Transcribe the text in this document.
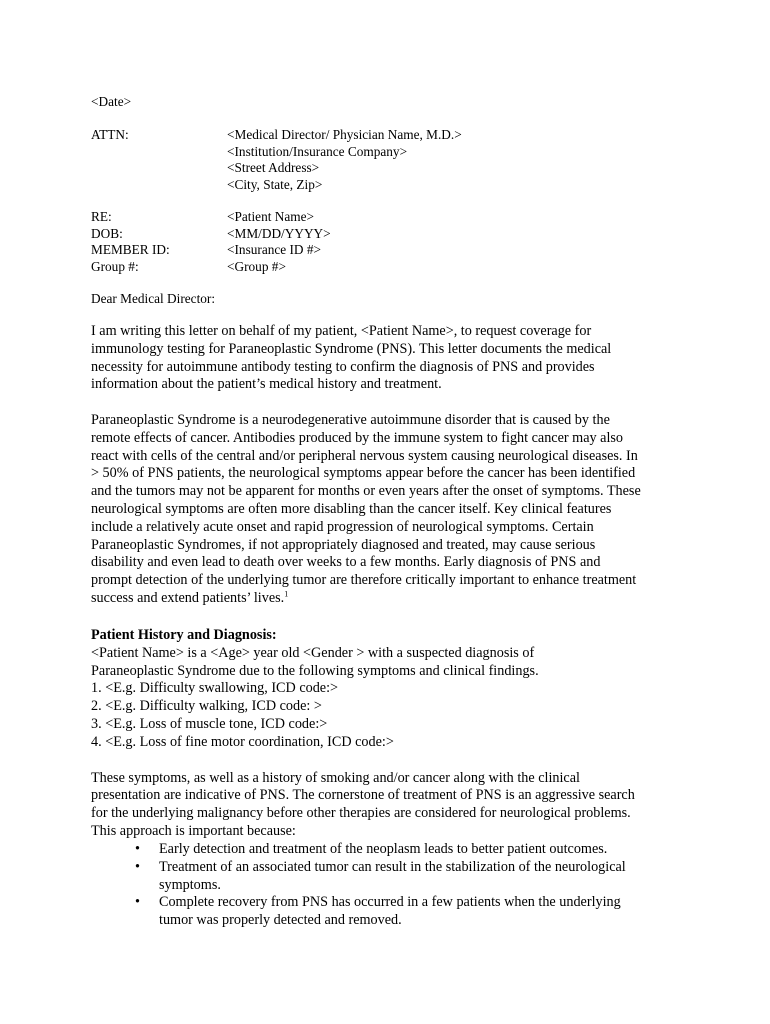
<Date>
ATTN:	<Medical Director/ Physician Name, M.D.>
<Institution/Insurance Company>
<Street Address>
<City, State, Zip>
RE:	<Patient Name>
DOB:	<MM/DD/YYYY>
MEMBER ID:	<Insurance ID #>
Group #:	<Group #>
Dear Medical Director:

I am writing this letter on behalf of my patient, <Patient Name>, to request coverage for
immunology testing for Paraneoplastic Syndrome (PNS). This letter documents the medical
necessity for autoimmune antibody testing to confirm the diagnosis of PNS and provides
information about the patient’s medical history and treatment.

Paraneoplastic Syndrome is a neurodegenerative autoimmune disorder that is caused by the
remote effects of cancer. Antibodies produced by the immune system to fight cancer may also
react with cells of the central and/or peripheral nervous system causing neurological diseases. In
> 50% of PNS patients, the neurological symptoms appear before the cancer has been identified
and the tumors may not be apparent for months or even years after the onset of symptoms. These
neurological symptoms are often more disabling than the cancer itself. Key clinical features
include a relatively acute onset and rapid progression of neurological symptoms. Certain
Paraneoplastic Syndromes, if not appropriately diagnosed and treated, may cause serious
disability and even lead to death over weeks to a few months. Early diagnosis of PNS and
prompt detection of the underlying tumor are therefore critically important to enhance treatment
success and extend patients’ lives.$^1$

Patient History and Diagnosis:
<Patient Name> is a <Age> year old <Gender > with a suspected diagnosis of
Paraneoplastic Syndrome due to the following symptoms and clinical findings.
1. <E.g. Difficulty swallowing, ICD code:>
2. <E.g. Difficulty walking, ICD code: >
3. <E.g. Loss of muscle tone, ICD code:>
4. <E.g. Loss of fine motor coordination, ICD code:>

These symptoms, as well as a history of smoking and/or cancer along with the clinical
presentation are indicative of PNS. The cornerstone of treatment of PNS is an aggressive search
for the underlying malignancy before other therapies are considered for neurological problems.
This approach is important because:

• Early detection and treatment of the neoplasm leads to better patient outcomes.
• Treatment of an associated tumor can result in the stabilization of the neurological
symptoms.
• Complete recovery from PNS has occurred in a few patients when the underlying
tumor was properly detected and removed.
